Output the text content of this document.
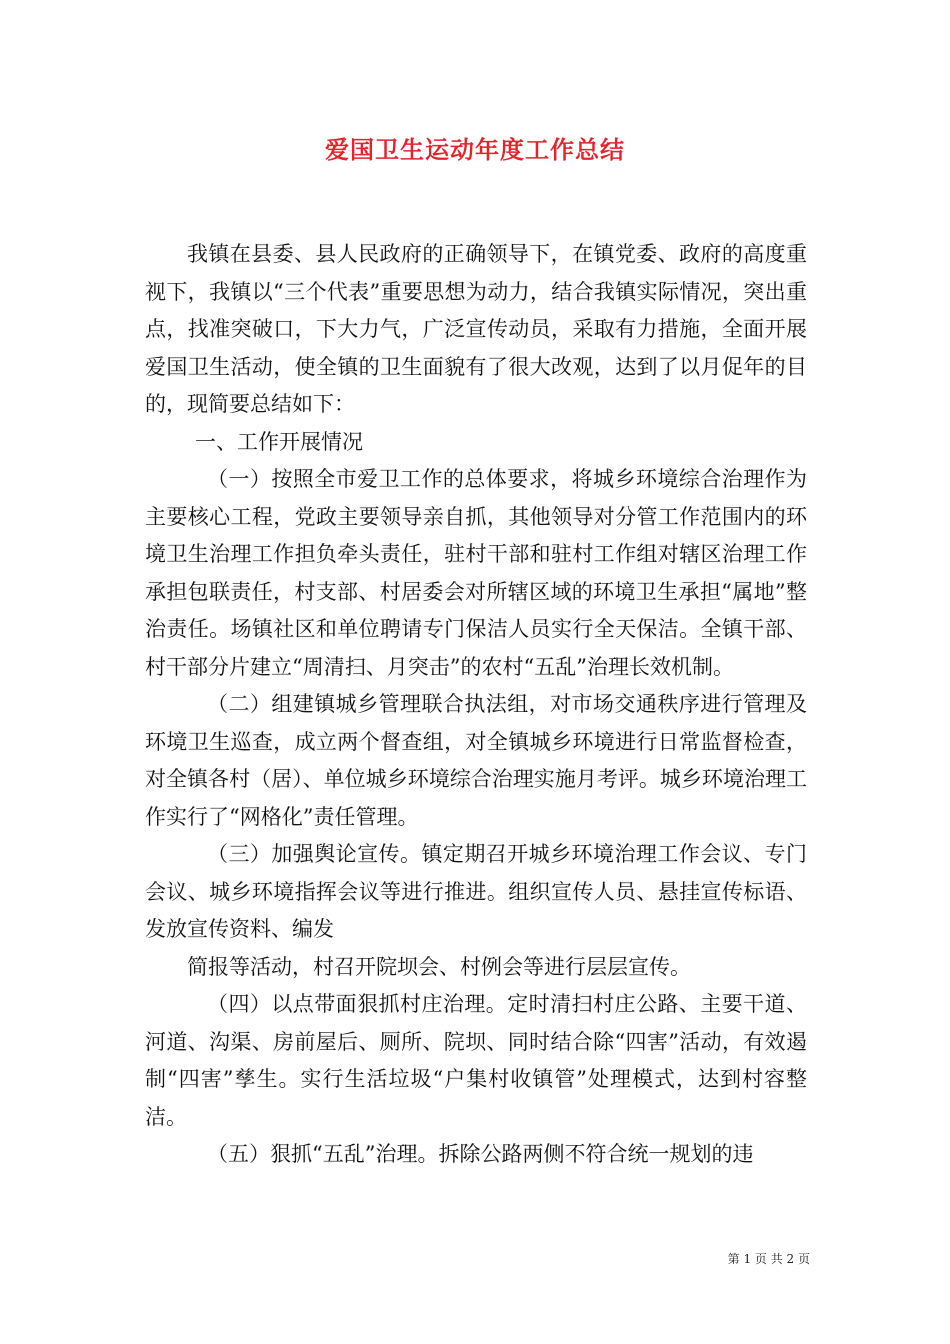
爱国卫生运动年度工作总结

我镇在县委、县人民政府的正确领导下，在镇党委、政府的高度重视下，我镇以“三个代表”重要思想为动力，结合我镇实际情况，突出重点，找准突破口，下大力气，广泛宣传动员，采取有力措施，全面开展爱国卫生活动，使全镇的卫生面貌有了很大改观，达到了以月促年的目的，现简要总结如下：

一、工作开展情况

（一）按照全市爱卫工作的总体要求，将城乡环境综合治理作为主要核心工程，党政主要领导亲自抓，其他领导对分管工作范围内的环境卫生治理工作担负牵头责任，驻村干部和驻村工作组对辖区治理工作承担包联责任，村支部、村居委会对所辖区域的环境卫生承担“属地”整治责任。场镇社区和单位聘请专门保洁人员实行全天保洁。全镇干部、村干部分片建立“周清扫、月突击”的农村“五乱”治理长效机制。

（二）组建镇城乡管理联合执法组，对市场交通秩序进行管理及环境卫生巡查，成立两个督查组，对全镇城乡环境进行日常监督检查，对全镇各村（居）、单位城乡环境综合治理实施月考评。城乡环境治理工作实行了“网格化”责任管理。

（三）加强舆论宣传。镇定期召开城乡环境治理工作会议、专门会议、城乡环境指挥会议等进行推进。组织宣传人员、悬挂宣传标语、发放宣传资料、编发

简报等活动，村召开院坝会、村例会等进行层层宣传。

（四）以点带面狠抓村庄治理。定时清扫村庄公路、主要干道、河道、沟渠、房前屋后、厕所、院坝、同时结合除“四害”活动，有效遏制“四害”孳生。实行生活垃圾“户集村收镇管”处理模式，达到村容整洁。

（五）狠抓“五乱”治理。拆除公路两侧不符合统一规划的违

第 1 页 共 2 页
